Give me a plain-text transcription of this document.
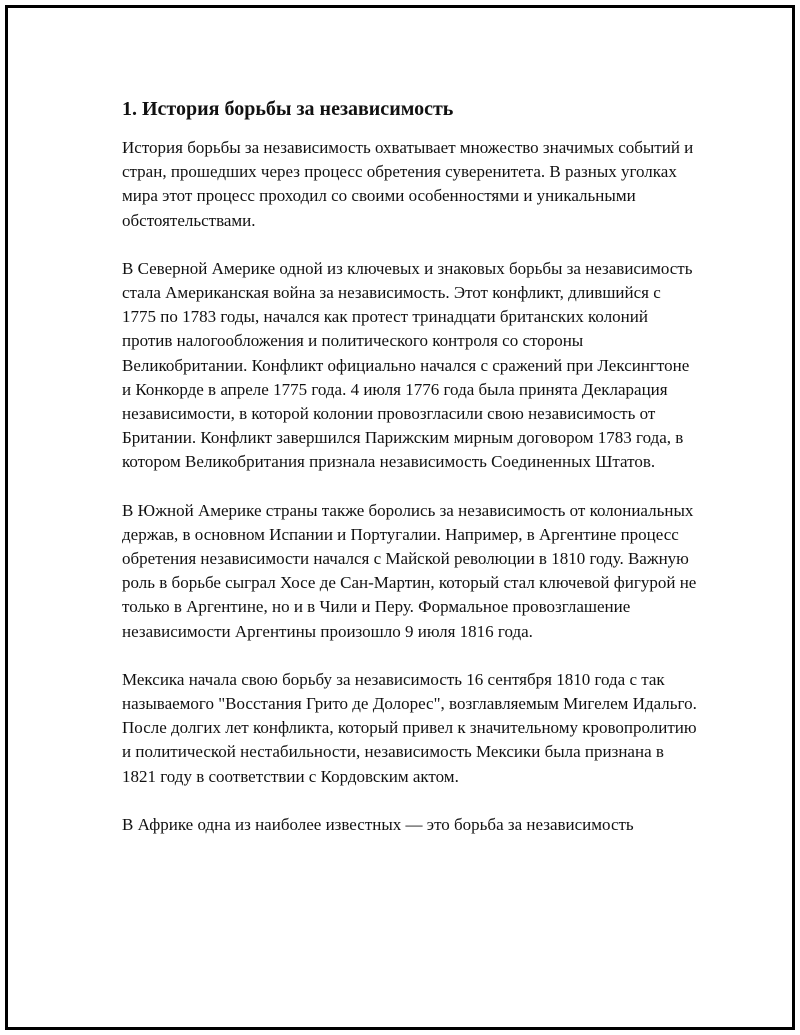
1. История борьбы за независимость

История борьбы за независимость охватывает множество значимых событий и стран, прошедших через процесс обретения суверенитета. В разных уголках мира этот процесс проходил со своими особенностями и уникальными обстоятельствами.

В Северной Америке одной из ключевых и знаковых борьбы за независимость стала Американская война за независимость. Этот конфликт, длившийся с 1775 по 1783 годы, начался как протест тринадцати британских колоний против налогообложения и политического контроля со стороны Великобритании. Конфликт официально начался с сражений при Лексингтоне и Конкорде в апреле 1775 года. 4 июля 1776 года была принята Декларация независимости, в которой колонии провозгласили свою независимость от Британии. Конфликт завершился Парижским мирным договором 1783 года, в котором Великобритания признала независимость Соединенных Штатов.

В Южной Америке страны также боролись за независимость от колониальных держав, в основном Испании и Португалии. Например, в Аргентине процесс обретения независимости начался с Майской революции в 1810 году. Важную роль в борьбе сыграл Хосе де Сан-Мартин, который стал ключевой фигурой не только в Аргентине, но и в Чили и Перу. Формальное провозглашение независимости Аргентины произошло 9 июля 1816 года.

Мексика начала свою борьбу за независимость 16 сентября 1810 года с так называемого "Восстания Грито де Долорес", возглавляемым Мигелем Идальго. После долгих лет конфликта, который привел к значительному кровопролитию и политической нестабильности, независимость Мексики была признана в 1821 году в соответствии с Кордовским актом.

В Африке одна из наиболее известных — это борьба за независимость
